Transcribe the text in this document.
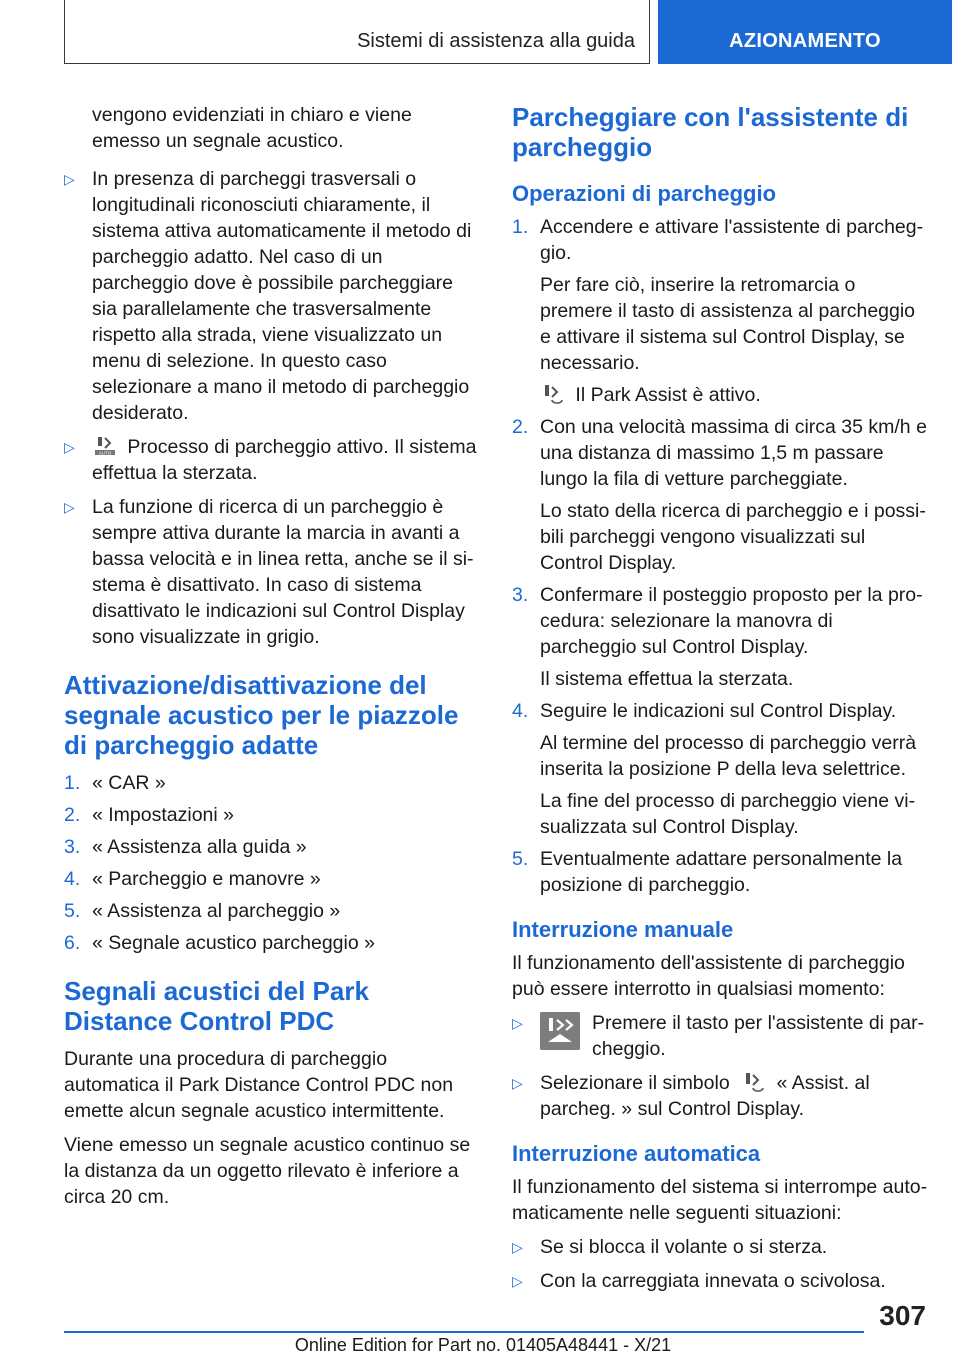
Sistemi di assistenza alla guida	AZIONAMENTO

vengono evidenziati in chiaro e viene emesso un segnale acustico.

▷ In presenza di parcheggi trasversali o longitudinali riconosciuti chiaramente, il sistema attiva automaticamente il metodo di parcheggio adatto. Nel caso di un parcheggio dove è possibile parcheggiare sia parallelamente che trasversalmente rispetto alla strada, viene visualizzato un menu di selezione. In questo caso selezionare a mano il metodo di parcheggio desiderato.
▷	AUTO Processo di parcheggio attivo. Il sistema effettua la sterzata.
▷ La funzione di ricerca di un parcheggio è sempre attiva durante la marcia in avanti a bassa velocità e in linea retta, anche se il sistema è disattivato. In caso di sistema disattivato le indicazioni sul Control Display sono visualizzate in grigio.
Attivazione/disattivazione del segnale acustico per le piazzole di parcheggio adatte
1. « CAR »
2. « Impostazioni »
3. « Assistenza alla guida »
4. « Parcheggio e manovre »
5. « Assistenza al parcheggio »
6. « Segnale acustico parcheggio »
Segnali acustici del Park Distance Control PDC

Durante una procedura di parcheggio automatica il Park Distance Control PDC non emette alcun segnale acustico intermittente.

Viene emesso un segnale acustico continuo se la distanza da un oggetto rilevato è inferiore a circa 20 cm.

Parcheggiare con l'assistente di parcheggio
Operazioni di parcheggio
1. Accendere e attivare l'assistente di parcheggio.
Per fare ciò, inserire la retromarcia o premere il tasto di assistenza al parcheggio e attivare il sistema sul Control Display, se necessario.
Il Park Assist è attivo.
2. Con una velocità massima di circa 35 km/h e una distanza di massimo 1,5 m passare lungo la fila di vetture parcheggiate.
Lo stato della ricerca di parcheggio e i possibili parcheggi vengono visualizzati sul Control Display.
3. Confermare il posteggio proposto per la procedura: selezionare la manovra di parcheggio sul Control Display.
Il sistema effettua la sterzata.
4. Seguire le indicazioni sul Control Display.
Al termine del processo di parcheggio verrà inserita la posizione P della leva selettrice.
La fine del processo di parcheggio viene visualizzata sul Control Display.
5. Eventualmente adattare personalmente la posizione di parcheggio.
Interruzione manuale

Il funzionamento dell'assistente di parcheggio può essere interrotto in qualsiasi momento:

▷	Premere il tasto per l'assistente di parcheggio.
▷ Selezionare il simbolo « Assist. al parcheg. » sul Control Display.
Interruzione automatica

Il funzionamento del sistema si interrompe automaticamente nelle seguenti situazioni:

▷ Se si blocca il volante o si sterza.
▷ Con la carreggiata innevata o scivolosa.
307
Online Edition for Part no. 01405A48441 - X/21
